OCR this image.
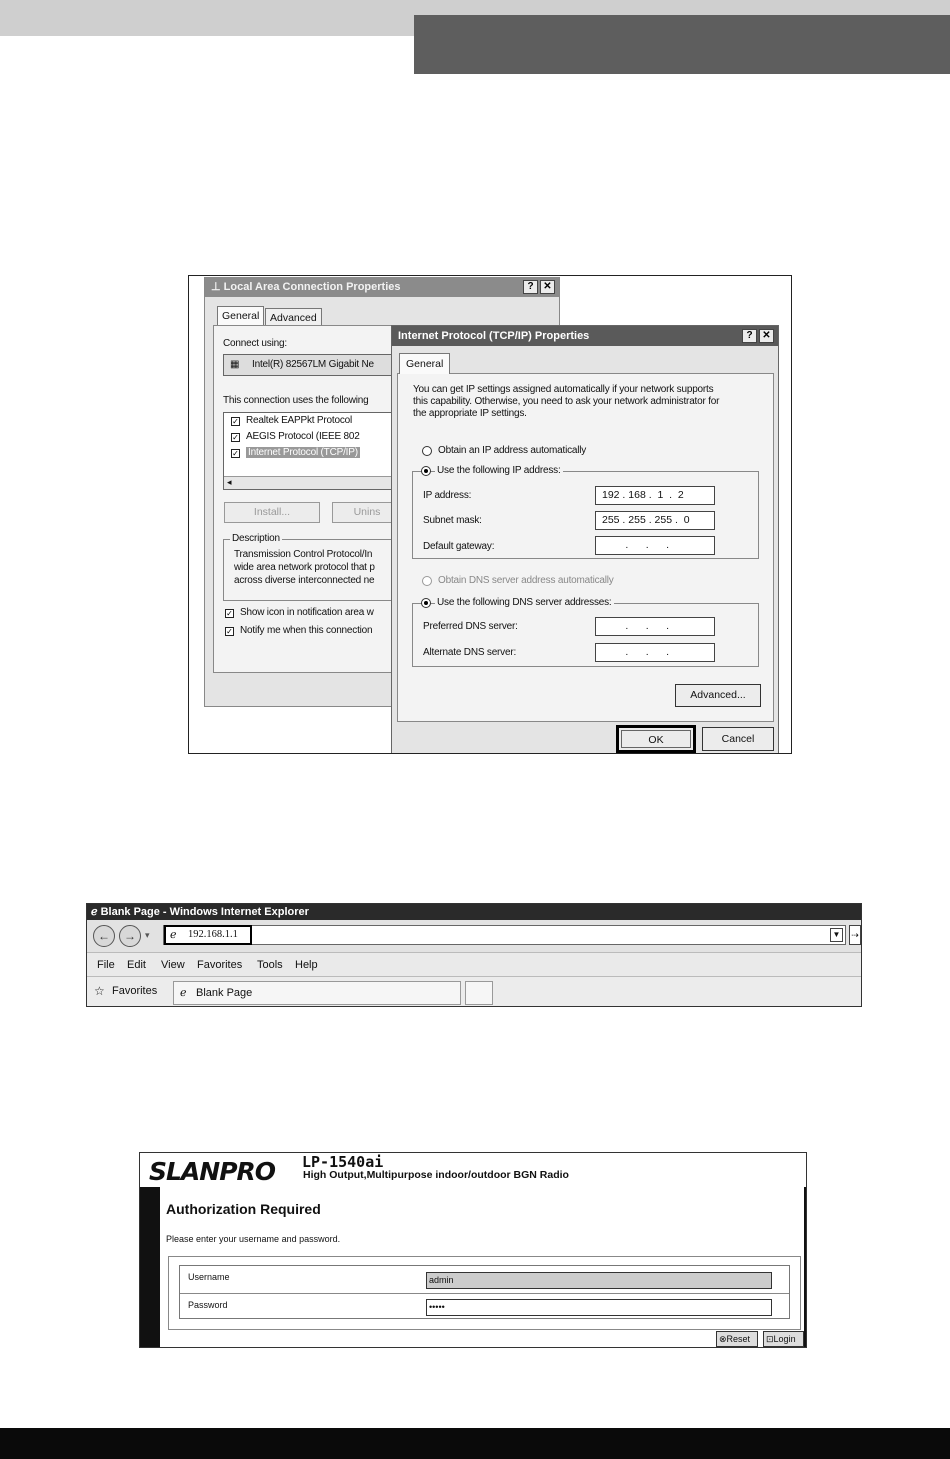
⊥ Local Area Connection Properties	? ✕
General	Advanced
Connect using:
▦ Intel(R) 82567LM Gigabit Ne
This connection uses the following
✓ Realtek EAPPkt Protocol
✓ AEGIS Protocol (IEEE 802
✓ Internet Protocol (TCP/IP)
◂
Install...	Unins
Description
Transmission Control Protocol/In
wide area network protocol that p
across diverse interconnected ne
✓ Show icon in notification area w
✓ Notify me when this connection
Internet Protocol (TCP/IP) Properties	? ✕
General
You can get IP settings assigned automatically if your network supports
this capability. Otherwise, you need to ask your network administrator for
the appropriate IP settings.
Obtain an IP address automatically
Use the following IP address:
IP address:	192 . 168 .  1  .  2
Subnet mask:	255 . 255 . 255 .  0
Default gateway:	.      .      .
Obtain DNS server address automatically
Use the following DNS server addresses:
Preferred DNS server:	.      .      .
Alternate DNS server:	.      .      .
Advanced...
OK	Cancel
ℯ Blank Page - Windows Internet Explorer
←	→	▾ ℯ 192.168.1.1	▼ ⇢
File Edit View Favorites Tools Help
☆ Favorites ℯ Blank Page
SLANPRO LP-1540ai
High Output,Multipurpose indoor/outdoor BGN Radio
Authorization Required
Please enter your username and password.
Username	admin
Password	•••••
⊗Reset	⊡Login
